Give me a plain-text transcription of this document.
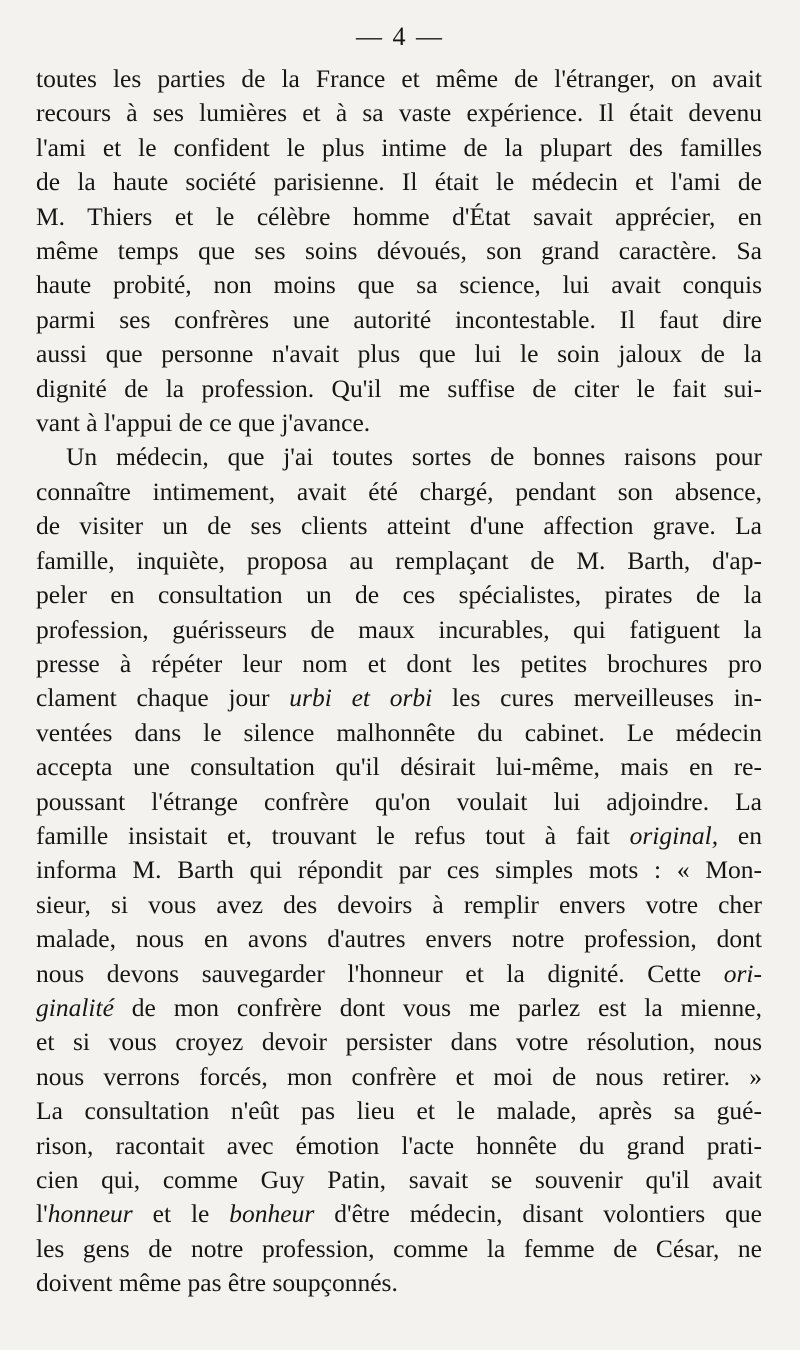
— 4 —
toutes les parties de la France et même de l'étranger, on avait
recours à ses lumières et à sa vaste expérience. Il était devenu
l'ami et le confident le plus intime de la plupart des familles
de la haute société parisienne. Il était le médecin et l'ami de
M. Thiers et le célèbre homme d'État savait apprécier, en
même temps que ses soins dévoués, son grand caractère. Sa
haute probité, non moins que sa science, lui avait conquis
parmi ses confrères une autorité incontestable. Il faut dire
aussi que personne n'avait plus que lui le soin jaloux de la
dignité de la profession. Qu'il me suffise de citer le fait sui-
vant à l'appui de ce que j'avance.
Un médecin, que j'ai toutes sortes de bonnes raisons pour
connaître intimement, avait été chargé, pendant son absence,
de visiter un de ses clients atteint d'une affection grave. La
famille, inquiète, proposa au remplaçant de M. Barth, d'ap-
peler en consultation un de ces spécialistes, pirates de la
profession, guérisseurs de maux incurables, qui fatiguent la
presse à répéter leur nom et dont les petites brochures pro
clament chaque jour urbi et orbi les cures merveilleuses in-
ventées dans le silence malhonnête du cabinet. Le médecin
accepta une consultation qu'il désirait lui-même, mais en re-
poussant l'étrange confrère qu'on voulait lui adjoindre. La
famille insistait et, trouvant le refus tout à fait original, en
informa M. Barth qui répondit par ces simples mots : « Mon-
sieur, si vous avez des devoirs à remplir envers votre cher
malade, nous en avons d'autres envers notre profession, dont
nous devons sauvegarder l'honneur et la dignité. Cette ori-
ginalité de mon confrère dont vous me parlez est la mienne,
et si vous croyez devoir persister dans votre résolution, nous
nous verrons forcés, mon confrère et moi de nous retirer. »
La consultation n'eût pas lieu et le malade, après sa gué-
rison, racontait avec émotion l'acte honnête du grand prati-
cien qui, comme Guy Patin, savait se souvenir qu'il avait
l'honneur et le bonheur d'être médecin, disant volontiers que
les gens de notre profession, comme la femme de César, ne
doivent même pas être soupçonnés.
